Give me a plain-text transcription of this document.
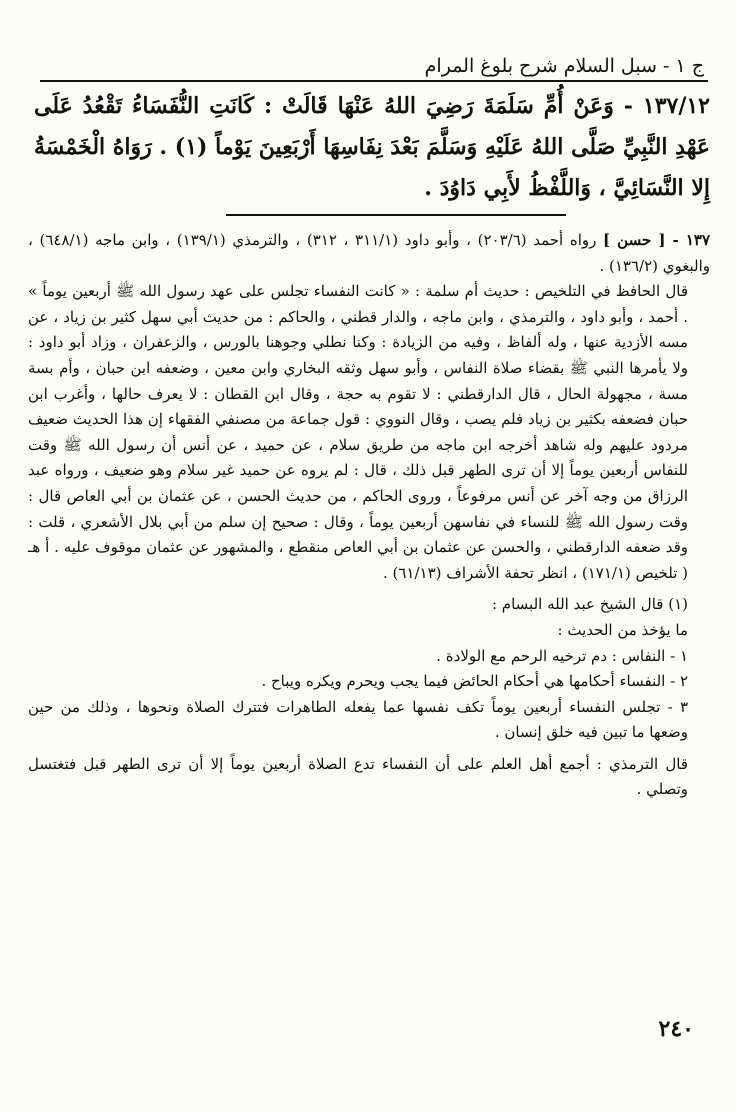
ج ١ - سبل السلام شرح بلوغ المرام

١٣٧/١٢ - وَعَنْ أُمِّ سَلَمَةَ رَضِيَ اللهُ عَنْهَا قَالَتْ : كَانَتِ النُّفَسَاءُ تَقْعُدُ عَلَى عَهْدِ النَّبِيِّ صَلَّى اللهُ عَلَيْهِ وَسَلَّمَ بَعْدَ نِفَاسِهَا أَرْبَعِينَ يَوْماً (١) . رَوَاهُ الْخَمْسَةُ إِلا النَّسَائِيَّ ، وَاللَّفْظُ لأَبِي دَاوُدَ .

١٣٧ - [ حسن ] رواه أحمد (٢٠٣/٦) ، وأبو داود (٣١١/١ ، ٣١٢) ، والترمذي (١٣٩/١) ، وابن ماجه (٦٤٨/١) ، والبغوي (١٣٦/٢) .

قال الحافظ في التلخيص : حديث أم سلمة : « كانت النفساء تجلس على عهد رسول الله ﷺ أربعين يوماً » . أحمد ، وأبو داود ، والترمذي ، وابن ماجه ، والدار قطني ، والحاكم : من حديث أبي سهل كثير بن زياد ، عن مسه الأزدية عنها ، وله ألفاظ ، وفيه من الزيادة : وكنا نطلي وجوهنا بالورس ، والزعفران ، وزاد أبو داود : ولا يأمرها النبي ﷺ بقضاء صلاة النفاس ، وأبو سهل وثقه البخاري وابن معين ، وضعفه ابن حبان ، وأم بسة مسة ، مجهولة الحال ، قال الدارقطني : لا تقوم به حجة ، وقال ابن القطان : لا يعرف حالها ، وأغرب ابن حبان فضعفه بكثير بن زياد فلم يصب ، وقال النووي : قول جماعة من مصنفي الفقهاء إن هذا الحديث ضعيف مردود عليهم وله شاهد أخرجه ابن ماجه من طريق سلام ، عن حميد ، عن أنس أن رسول الله ﷺ وقت للنفاس أربعين يوماً إلا أن ترى الطهر قبل ذلك ، قال : لم يروه عن حميد غير سلام وهو ضعيف ، ورواه عبد الرزاق من وجه آخر عن أنس مرفوعاً ، وروى الحاكم ، من حديث الحسن ، عن عثمان بن أبي العاص قال : وقت رسول الله ﷺ للنساء في نفاسهن أربعين يوماً ، وقال : صحيح إن سلم من أبي بلال الأشعري ، قلت : وقد ضعفه الدارقطني ، والحسن عن عثمان بن أبي العاص منقطع ، والمشهور عن عثمان موقوف عليه . أ هـ ( تلخيص (١٧١/١) ، انظر تحفة الأشراف (٦١/١٣) .

(١) قال الشيخ عبد الله البسام :

ما يؤخذ من الحديث :

١ - النفاس : دم ترخيه الرحم مع الولادة .

٢ - النفساء أحكامها هي أحكام الحائض فيما يجب ويحرم ويكره ويباح .

٣ - تجلس النفساء أربعين يوماً تكف نفسها عما يفعله الطاهرات فتترك الصلاة ونحوها ، وذلك من حين وضعها ما تبين فيه خلق إنسان .

قال الترمذي : أجمع أهل العلم على أن النفساء تدع الصلاة أربعين يوماً إلا أن ترى الطهر قبل فتغتسل وتصلي .

٢٤٠
